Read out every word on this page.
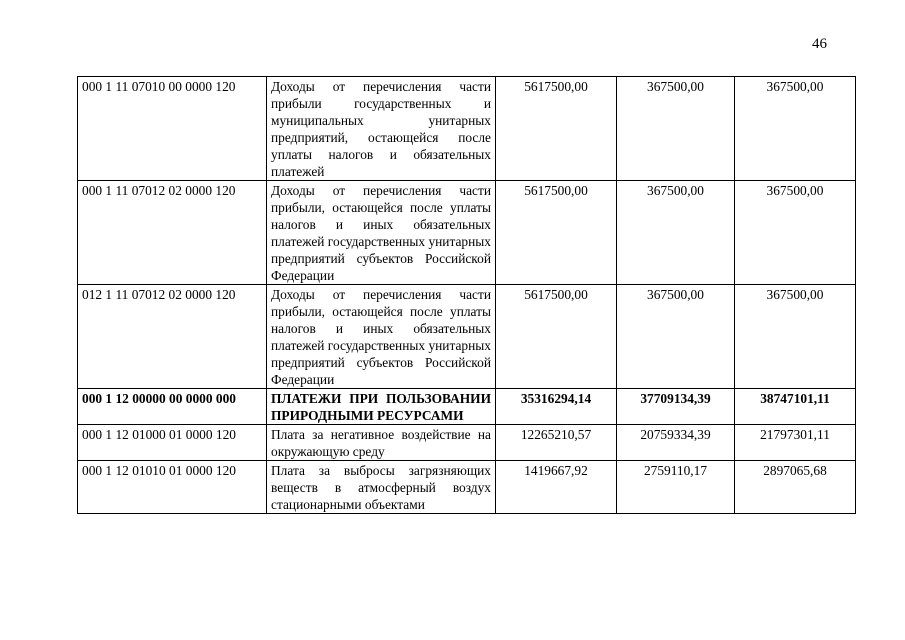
46
000 1 11 07010 00 0000 120	Доходы от перечисления части прибыли государственных и муниципальных унитарных предприятий, остающейся после уплаты налогов и обязательных платежей	5617500,00	367500,00	367500,00
000 1 11 07012 02 0000 120	Доходы от перечисления части прибыли, остающейся после уплаты налогов и иных обязательных платежей государственных унитарных предприятий субъектов Российской Федерации	5617500,00	367500,00	367500,00
012 1 11 07012 02 0000 120	Доходы от перечисления части прибыли, остающейся после уплаты налогов и иных обязательных платежей государственных унитарных предприятий субъектов Российской Федерации	5617500,00	367500,00	367500,00
000 1 12 00000 00 0000 000	ПЛАТЕЖИ ПРИ ПОЛЬЗОВАНИИ ПРИРОДНЫМИ РЕСУРСАМИ	35316294,14	37709134,39	38747101,11
000 1 12 01000 01 0000 120	Плата за негативное воздействие на окружающую среду	12265210,57	20759334,39	21797301,11
000 1 12 01010 01 0000 120	Плата за выбросы загрязняющих веществ в атмосферный воздух стационарными объектами	1419667,92	2759110,17	2897065,68
